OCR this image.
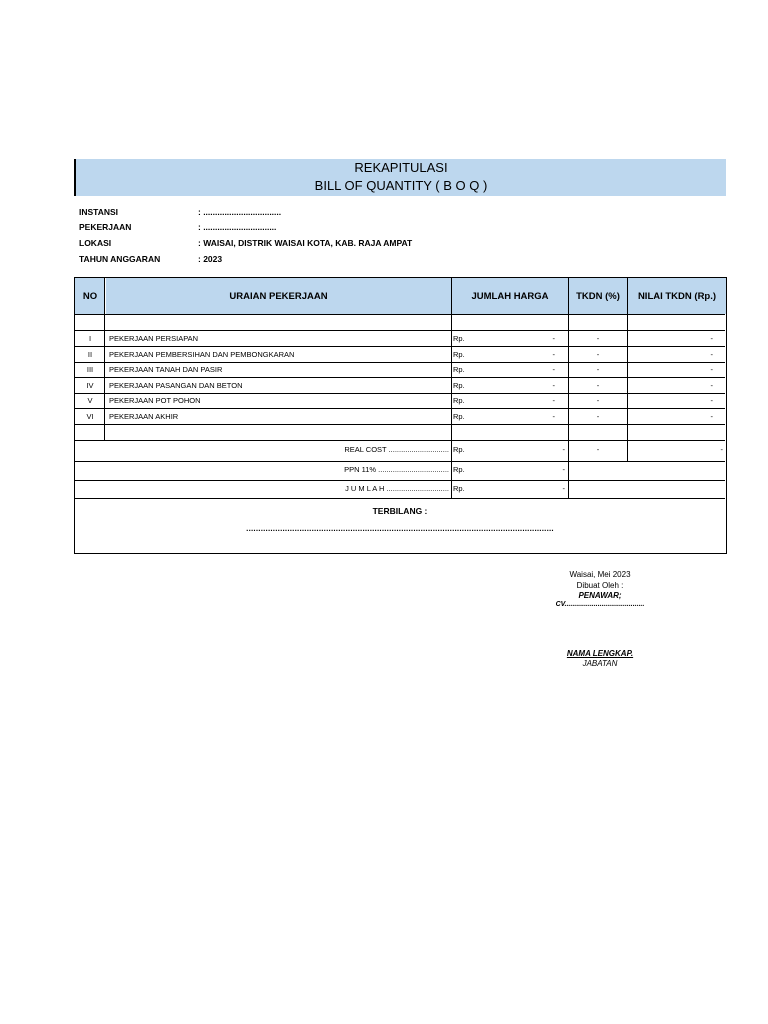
REKAPITULASI
BILL OF QUANTITY ( B O Q )
INSTANSI	: .................................
PEKERJAAN	: ...............................
LOKASI	: WAISAI, DISTRIK WAISAI KOTA, KAB. RAJA AMPAT
TAHUN ANGGARAN	: 2023
NO	URAIAN PEKERJAAN	JUMLAH HARGA	TKDN (%)	NILAI TKDN (Rp.)
I	PEKERJAAN PERSIAPAN	Rp.	-	-	-
II	PEKERJAAN PEMBERSIHAN DAN PEMBONGKARAN	Rp.	-	-	-
III	PEKERJAAN TANAH DAN PASIR	Rp.	-	-	-
IV	PEKERJAAN PASANGAN DAN BETON	Rp.	-	-	-
V	PEKERJAAN POT POHON	Rp.	-	-	-
VI	PEKERJAAN AKHIR	Rp.	-	-	-
REAL COST ............................. Rp.	-	-	-
PPN 11% .................................. Rp.	-
J U M L A H .............................. Rp.	-
TERBILANG :
...............................................................................................................................
Waisai, Mei 2023
Dibuat Oleh :
PENAWAR;
CV.........................................
NAMA LENGKAP.
JABATAN
